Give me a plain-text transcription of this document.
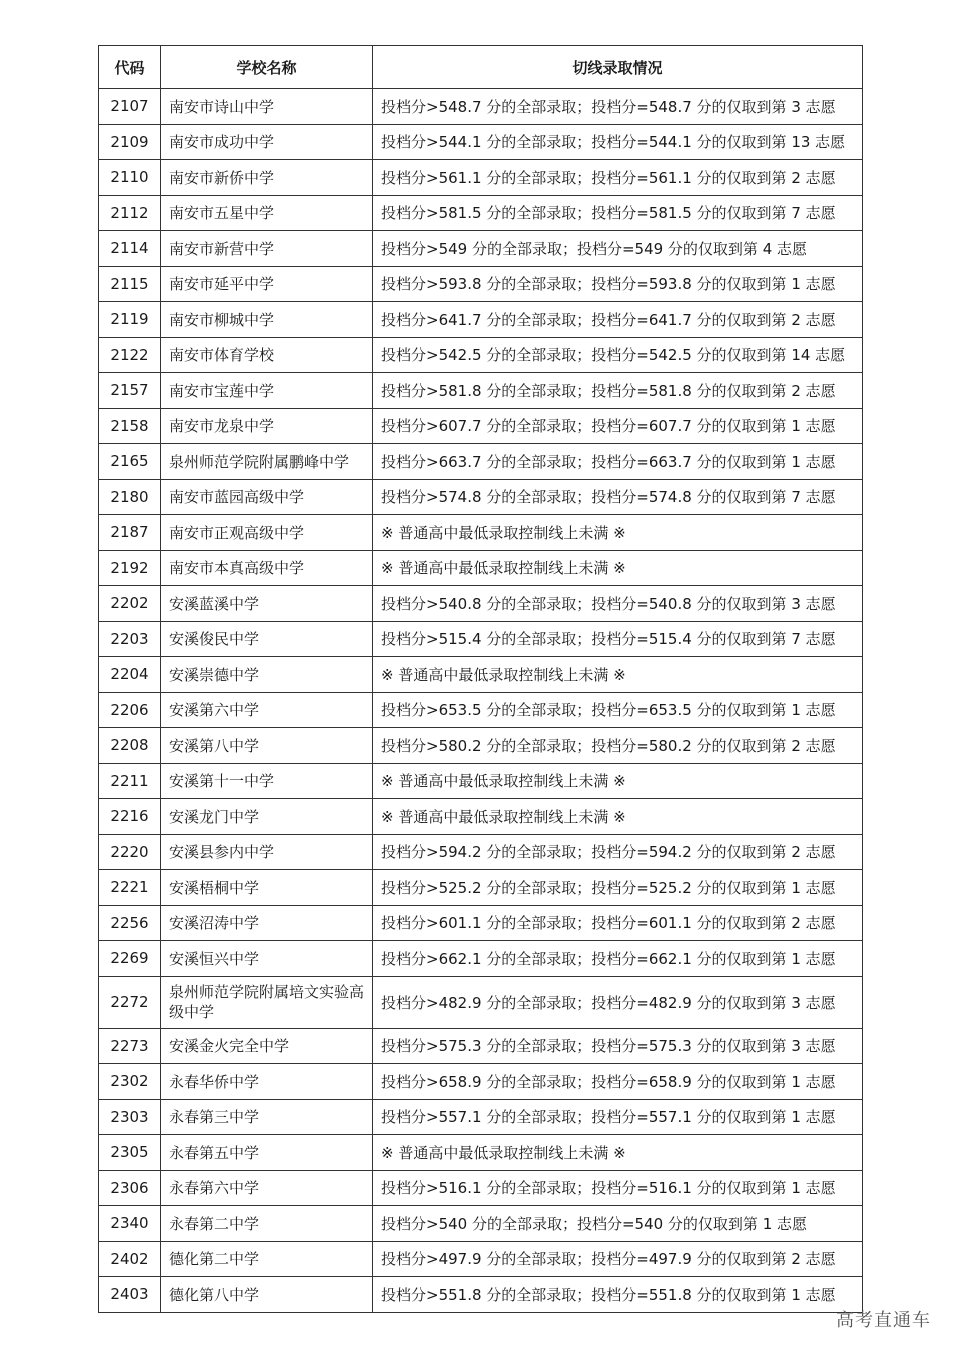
代码	学校名称	切线录取情况
2107	南安市诗山中学	投档分>548.7 分的全部录取；投档分=548.7 分的仅取到第 3 志愿
2109	南安市成功中学	投档分>544.1 分的全部录取；投档分=544.1 分的仅取到第 13 志愿
2110	南安市新侨中学	投档分>561.1 分的全部录取；投档分=561.1 分的仅取到第 2 志愿
2112	南安市五星中学	投档分>581.5 分的全部录取；投档分=581.5 分的仅取到第 7 志愿
2114	南安市新营中学	投档分>549 分的全部录取；投档分=549 分的仅取到第 4 志愿
2115	南安市延平中学	投档分>593.8 分的全部录取；投档分=593.8 分的仅取到第 1 志愿
2119	南安市柳城中学	投档分>641.7 分的全部录取；投档分=641.7 分的仅取到第 2 志愿
2122	南安市体育学校	投档分>542.5 分的全部录取；投档分=542.5 分的仅取到第 14 志愿
2157	南安市宝莲中学	投档分>581.8 分的全部录取；投档分=581.8 分的仅取到第 2 志愿
2158	南安市龙泉中学	投档分>607.7 分的全部录取；投档分=607.7 分的仅取到第 1 志愿
2165	泉州师范学院附属鹏峰中学	投档分>663.7 分的全部录取；投档分=663.7 分的仅取到第 1 志愿
2180	南安市蓝园高级中学	投档分>574.8 分的全部录取；投档分=574.8 分的仅取到第 7 志愿
2187	南安市正观高级中学	※ 普通高中最低录取控制线上未满 ※
2192	南安市本真高级中学	※ 普通高中最低录取控制线上未满 ※
2202	安溪蓝溪中学	投档分>540.8 分的全部录取；投档分=540.8 分的仅取到第 3 志愿
2203	安溪俊民中学	投档分>515.4 分的全部录取；投档分=515.4 分的仅取到第 7 志愿
2204	安溪崇德中学	※ 普通高中最低录取控制线上未满 ※
2206	安溪第六中学	投档分>653.5 分的全部录取；投档分=653.5 分的仅取到第 1 志愿
2208	安溪第八中学	投档分>580.2 分的全部录取；投档分=580.2 分的仅取到第 2 志愿
2211	安溪第十一中学	※ 普通高中最低录取控制线上未满 ※
2216	安溪龙门中学	※ 普通高中最低录取控制线上未满 ※
2220	安溪县参内中学	投档分>594.2 分的全部录取；投档分=594.2 分的仅取到第 2 志愿
2221	安溪梧桐中学	投档分>525.2 分的全部录取；投档分=525.2 分的仅取到第 1 志愿
2256	安溪沼涛中学	投档分>601.1 分的全部录取；投档分=601.1 分的仅取到第 2 志愿
2269	安溪恒兴中学	投档分>662.1 分的全部录取；投档分=662.1 分的仅取到第 1 志愿
2272	泉州师范学院附属培文实验高级中学	投档分>482.9 分的全部录取；投档分=482.9 分的仅取到第 3 志愿
2273	安溪金火完全中学	投档分>575.3 分的全部录取；投档分=575.3 分的仅取到第 3 志愿
2302	永春华侨中学	投档分>658.9 分的全部录取；投档分=658.9 分的仅取到第 1 志愿
2303	永春第三中学	投档分>557.1 分的全部录取；投档分=557.1 分的仅取到第 1 志愿
2305	永春第五中学	※ 普通高中最低录取控制线上未满 ※
2306	永春第六中学	投档分>516.1 分的全部录取；投档分=516.1 分的仅取到第 1 志愿
2340	永春第二中学	投档分>540 分的全部录取；投档分=540 分的仅取到第 1 志愿
2402	德化第二中学	投档分>497.9 分的全部录取；投档分=497.9 分的仅取到第 2 志愿
2403	德化第八中学	投档分>551.8 分的全部录取；投档分=551.8 分的仅取到第 1 志愿
高考直通车
